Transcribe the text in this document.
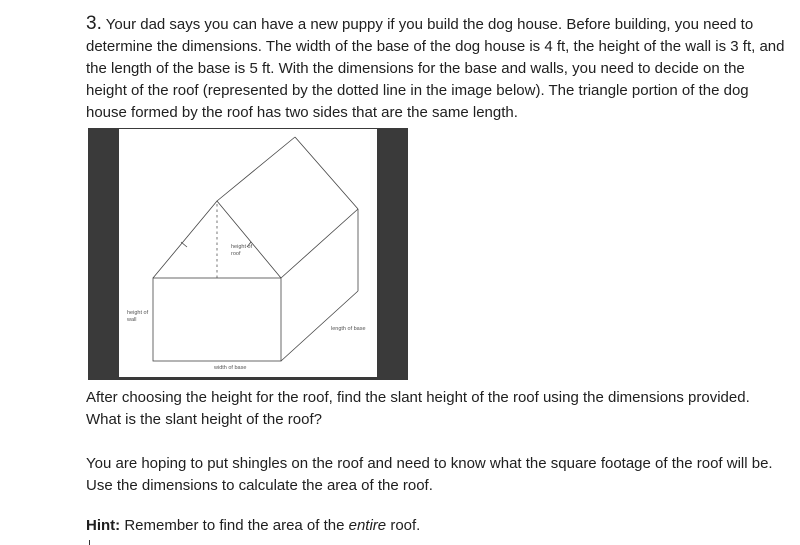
3. Your dad says you can have a new puppy if you build the dog house. Before building, you need to determine the dimensions. The width of the base of the dog house is 4 ft, the height of the wall is 3 ft, and the length of the base is 5 ft. With the dimensions for the base and walls, you need to decide on the height of the roof (represented by the dotted line in the image below). The triangle portion of the dog house formed by the roof has two sides that are the same length.

height of roof
height of wall
length of base
width of base

After choosing the height for the roof, find the slant height of the roof using the dimensions provided. What is the slant height of the roof?

You are hoping to put shingles on the roof and need to know what the square footage of the roof will be. Use the dimensions to calculate the area of the roof.

Hint: Remember to find the area of the entire roof.
